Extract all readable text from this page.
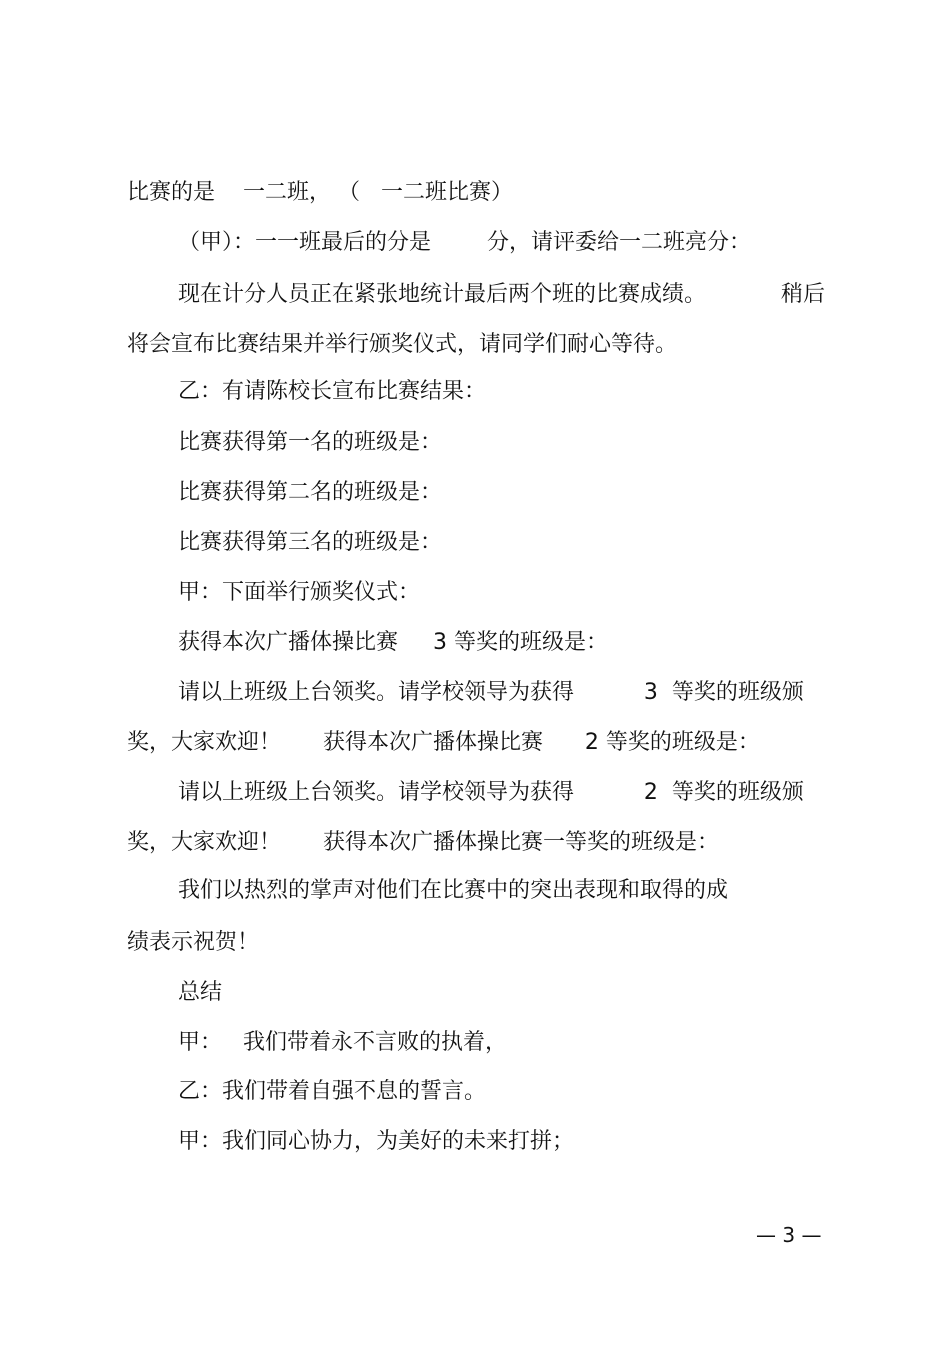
比赛的是    一二班， （   一二班比赛）

（甲）：一一班最后的分是        分，请评委给一二班亮分：

现在计分人员正在紧张地统计最后两个班的比赛成绩。	稍后

将会宣布比赛结果并举行颁奖仪式，请同学们耐心等待。

乙：有请陈校长宣布比赛结果：

比赛获得第一名的班级是：

比赛获得第二名的班级是：

比赛获得第三名的班级是：

甲：下面举行颁奖仪式：

获得本次广播体操比赛     3 等奖的班级是：

请以上班级上台领奖。请学校领导为获得          3  等奖的班级颁

奖，大家欢迎！      获得本次广播体操比赛      2 等奖的班级是：

请以上班级上台领奖。请学校领导为获得          2  等奖的班级颁

奖，大家欢迎！      获得本次广播体操比赛一等奖的班级是：

我们以热烈的掌声对他们在比赛中的突出表现和取得的成

绩表示祝贺！

总结

甲：   我们带着永不言败的执着，

乙：我们带着自强不息的誓言。

甲：我们同心协力，为美好的未来打拼；

— 3 —
